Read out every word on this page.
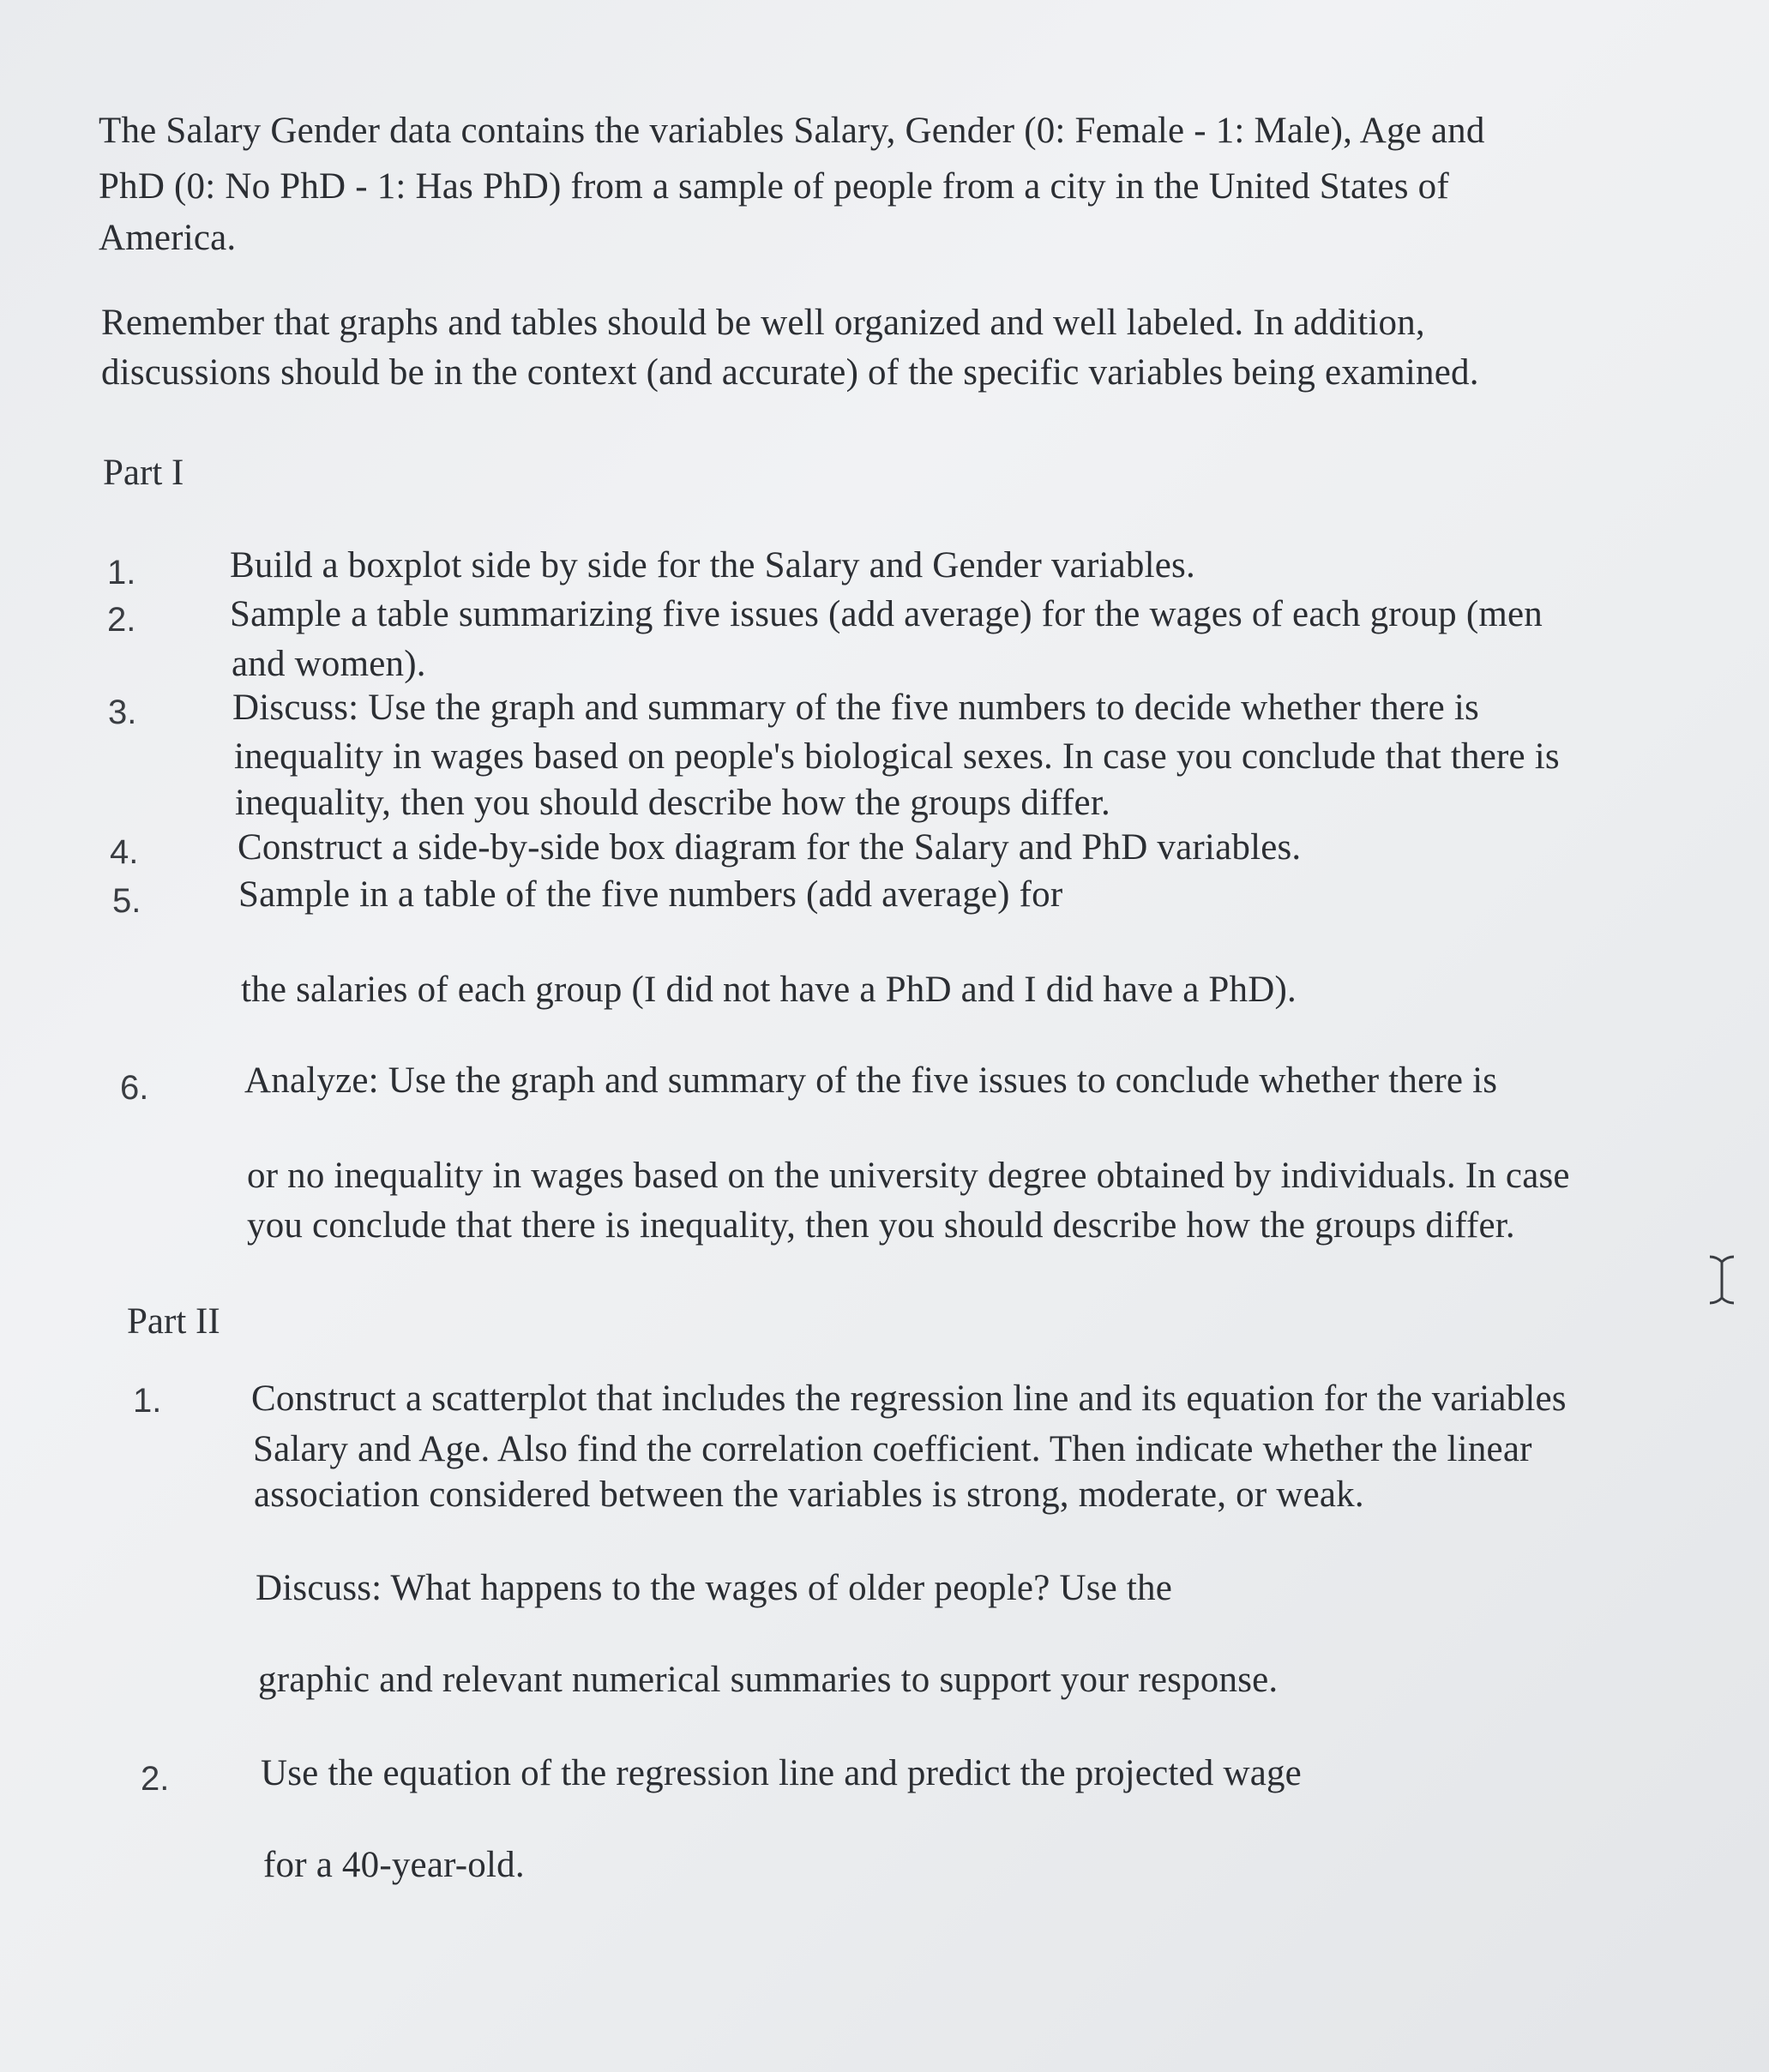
The Salary Gender data contains the variables Salary, Gender (0: Female - 1: Male), Age and
PhD (0: No PhD - 1: Has PhD) from a sample of people from a city in the United States of
America.
Remember that graphs and tables should be well organized and well labeled. In addition,
discussions should be in the context (and accurate) of the specific variables being examined.
Part I
1.	Build a boxplot side by side for the Salary and Gender variables.
2.	Sample a table summarizing five issues (add average) for the wages of each group (men
and women).
3.	Discuss: Use the graph and summary of the five numbers to decide whether there is
inequality in wages based on people's biological sexes. In case you conclude that there is
inequality, then you should describe how the groups differ.
4.	Construct a side-by-side box diagram for the Salary and PhD variables.
5.	Sample in a table of the five numbers (add average) for
the salaries of each group (I did not have a PhD and I did have a PhD).
6.	Analyze: Use the graph and summary of the five issues to conclude whether there is
or no inequality in wages based on the university degree obtained by individuals. In case
you conclude that there is inequality, then you should describe how the groups differ.
Part II
1. Construct a scatterplot that includes the regression line and its equation for the variables
Salary and Age. Also find the correlation coefficient. Then indicate whether the linear
association considered between the variables is strong, moderate, or weak.
Discuss: What happens to the wages of older people? Use the
graphic and relevant numerical summaries to support your response.
2. Use the equation of the regression line and predict the projected wage
for a 40-year-old.
